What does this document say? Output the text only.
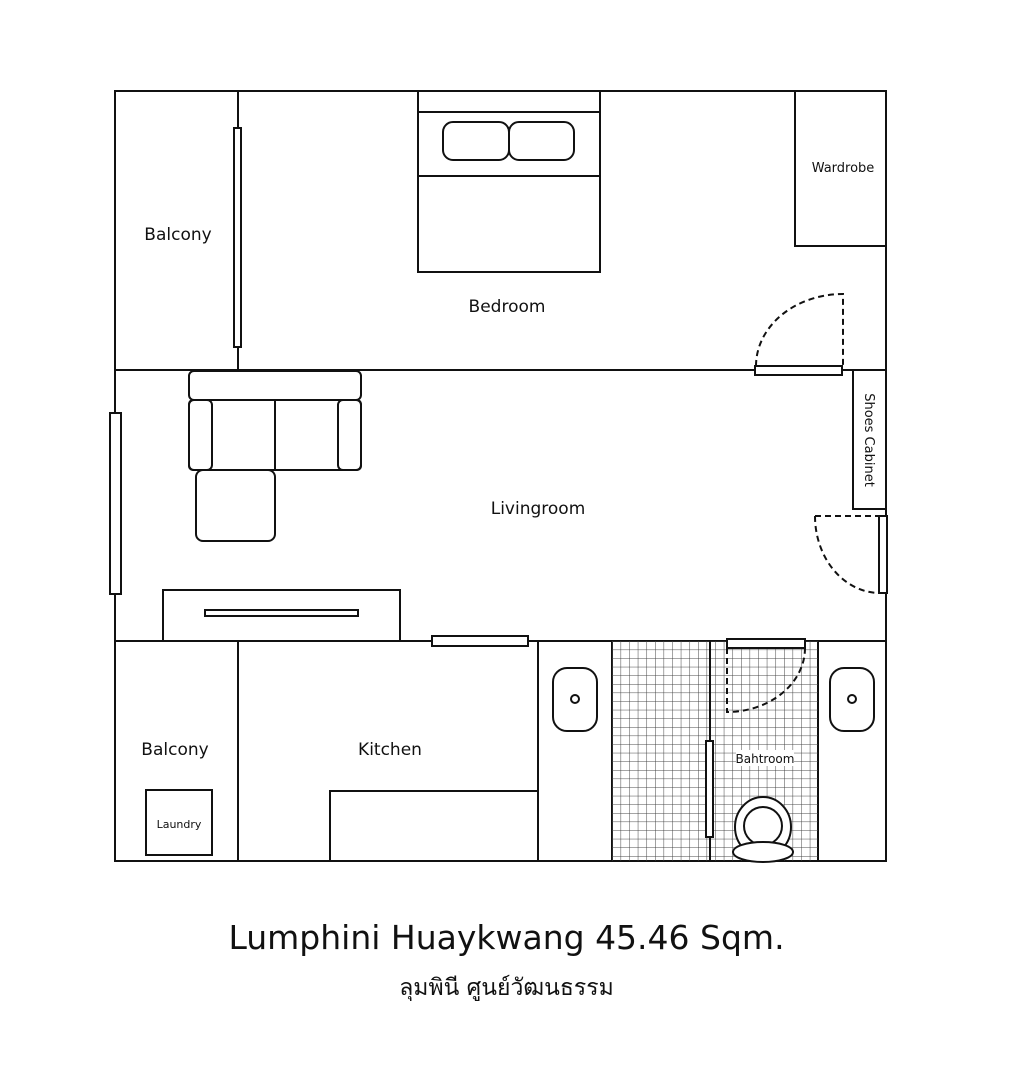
Balcony
Bedroom
Wardrobe
Shoes Cabinet
Livingroom
Balcony
Laundry
Kitchen	Bahtroom
Lumphini Huaykwang 45.46 Sqm.
ลุมพินี ศูนย์วัฒนธรรม
